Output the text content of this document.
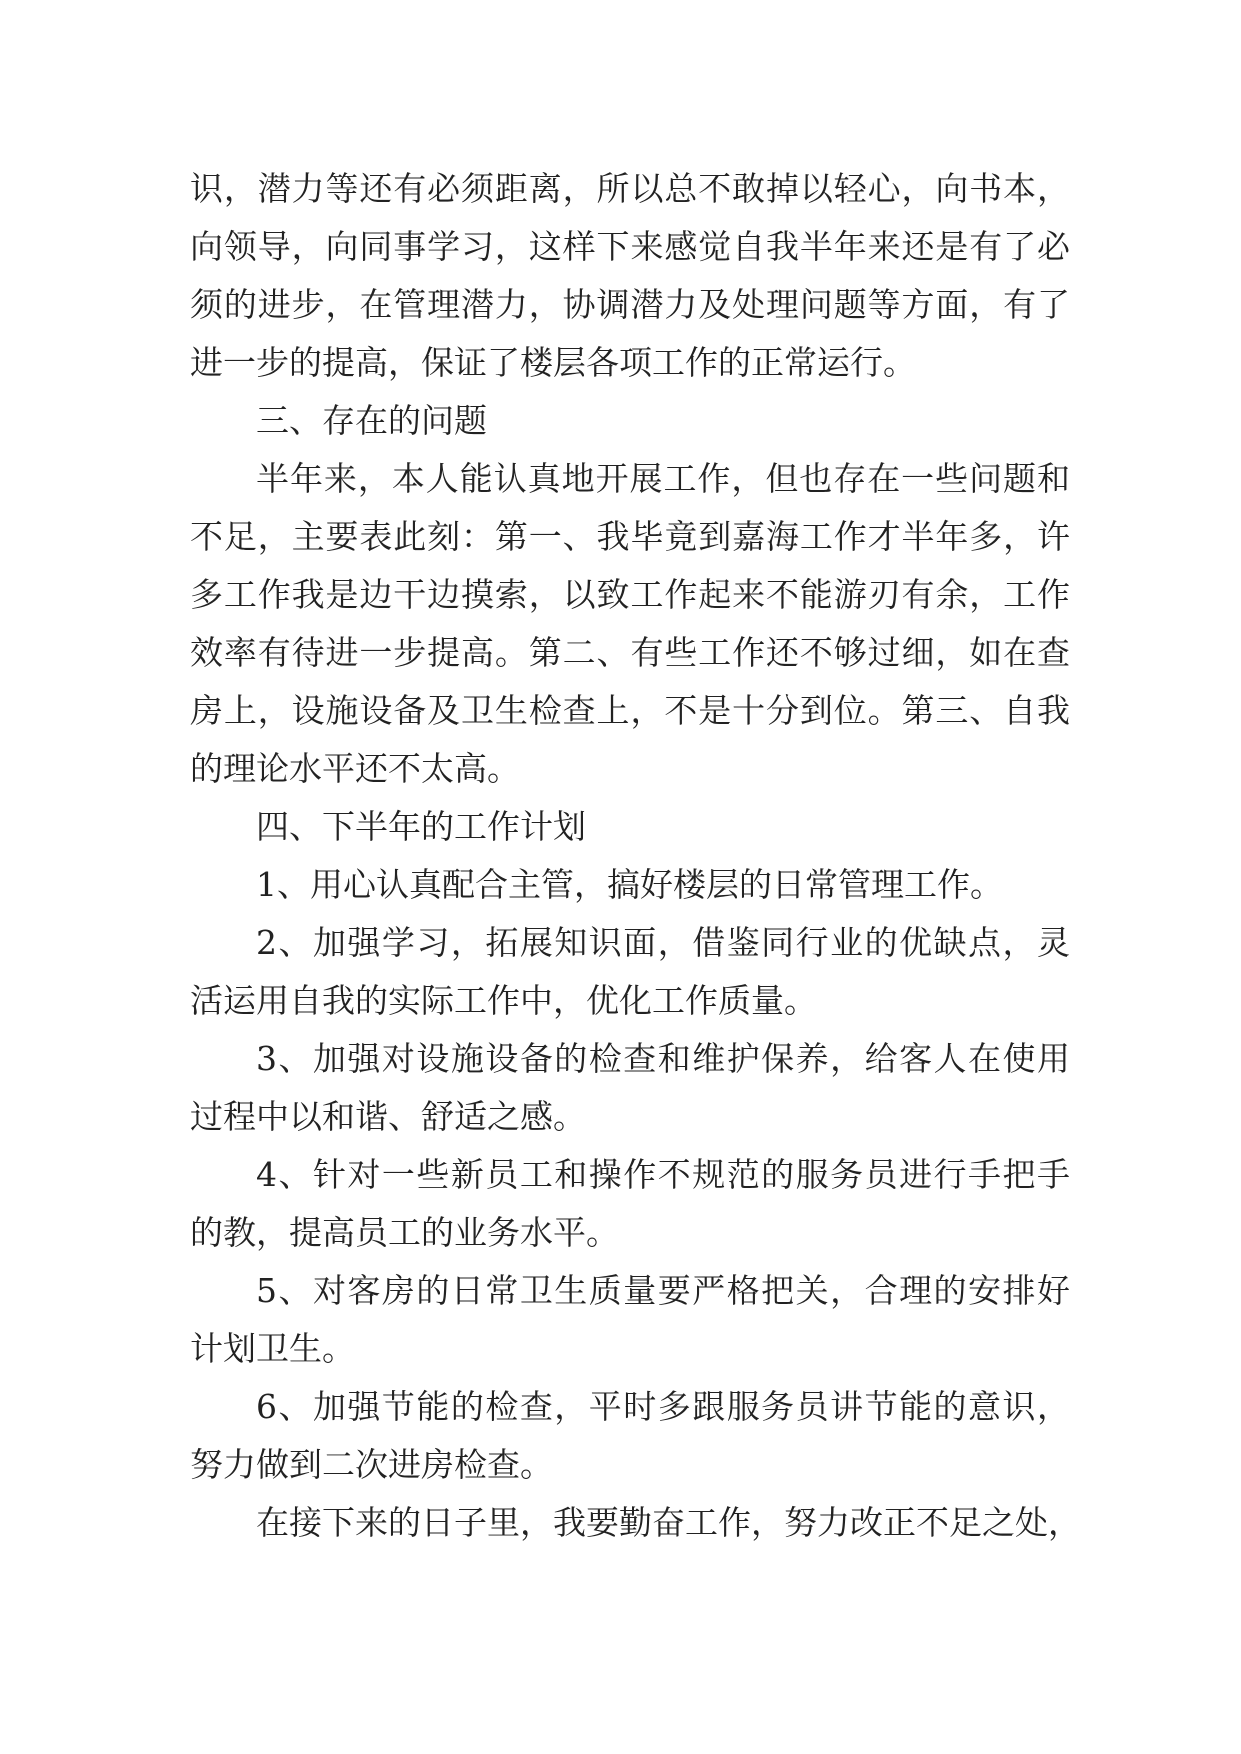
识，潜力等还有必须距离，所以总不敢掉以轻心，向书本，

向领导，向同事学习，这样下来感觉自我半年来还是有了必

须的进步，在管理潜力，协调潜力及处理问题等方面，有了

进一步的提高，保证了楼层各项工作的正常运行。

三、存在的问题

半年来，本人能认真地开展工作，但也存在一些问题和

不足，主要表此刻：第一、我毕竟到嘉海工作才半年多，许

多工作我是边干边摸索，以致工作起来不能游刃有余，工作

效率有待进一步提高。第二、有些工作还不够过细，如在查

房上，设施设备及卫生检查上，不是十分到位。第三、自我

的理论水平还不太高。

四、下半年的工作计划

1、用心认真配合主管，搞好楼层的日常管理工作。

2、加强学习，拓展知识面，借鉴同行业的优缺点，灵

活运用自我的实际工作中，优化工作质量。

3、加强对设施设备的检查和维护保养，给客人在使用

过程中以和谐、舒适之感。

4、针对一些新员工和操作不规范的服务员进行手把手

的教，提高员工的业务水平。

5、对客房的日常卫生质量要严格把关，合理的安排好

计划卫生。

6、加强节能的检查，平时多跟服务员讲节能的意识，

努力做到二次进房检查。

在接下来的日子里，我要勤奋工作，努力改正不足之处，
